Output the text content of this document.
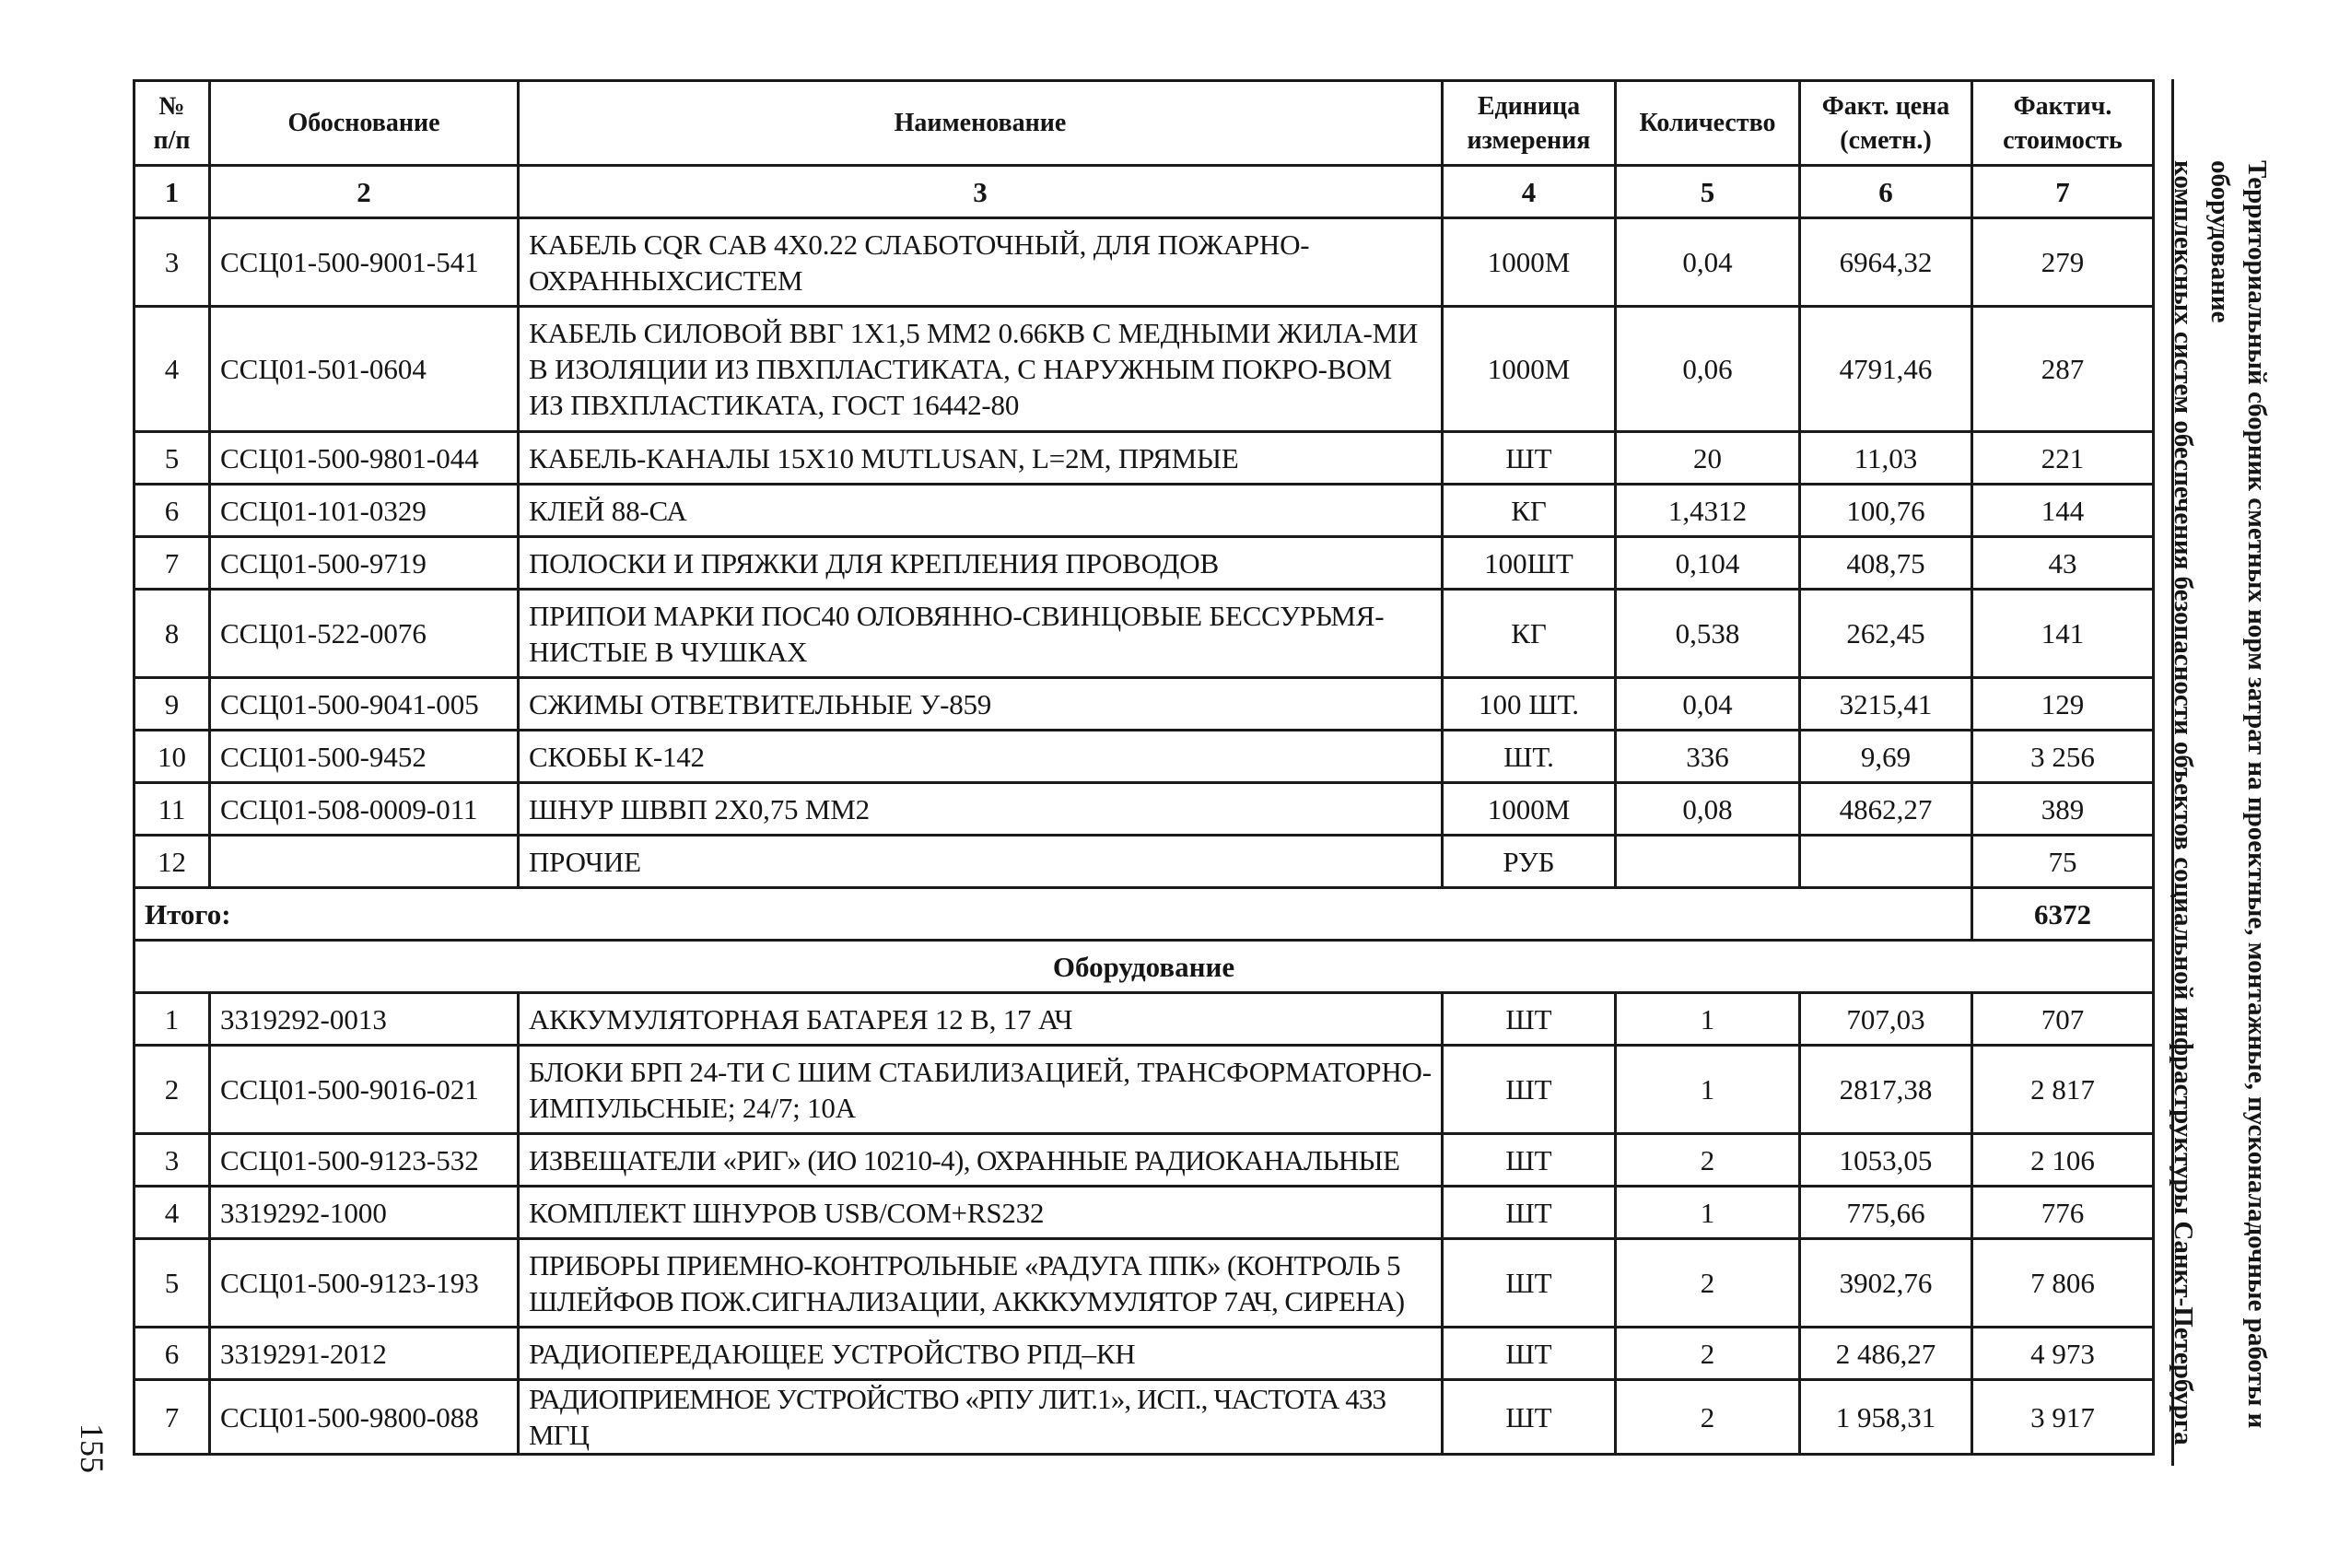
№ п/п	Обоснование	Наименование	Единица измерения	Количество	Факт. цена (сметн.)	Фактич. стоимость
1	2	3	4	5	6	7
3	ССЦ01-500-9001-541	КАБЕЛЬ CQR CAB 4X0.22 СЛАБОТОЧНЫЙ, ДЛЯ ПОЖАРНО-ОХРАННЫХСИСТЕМ	1000М	0,04	6964,32	279
4	ССЦ01-501-0604	КАБЕЛЬ СИЛОВОЙ ВВГ 1Х1,5 ММ2 0.66КВ С МЕДНЫМИ ЖИЛА-МИ В ИЗОЛЯЦИИ ИЗ ПВХПЛАСТИКАТА, С НАРУЖНЫМ ПОКРО-ВОМ ИЗ ПВХПЛАСТИКАТА, ГОСТ 16442-80	1000М	0,06	4791,46	287
5	ССЦ01-500-9801-044	КАБЕЛЬ-КАНАЛЫ 15Х10 MUTLUSAN, L=2M, ПРЯМЫЕ	ШТ	20	11,03	221
6	ССЦ01-101-0329	КЛЕЙ 88-СА	КГ	1,4312	100,76	144
7	ССЦ01-500-9719	ПОЛОСКИ И ПРЯЖКИ ДЛЯ КРЕПЛЕНИЯ ПРОВОДОВ	100ШТ	0,104	408,75	43
8	ССЦ01-522-0076	ПРИПОИ МАРКИ ПОС40 ОЛОВЯННО-СВИНЦОВЫЕ БЕССУРЬМЯ-НИСТЫЕ В ЧУШКАХ	КГ	0,538	262,45	141
9	ССЦ01-500-9041-005	СЖИМЫ ОТВЕТВИТЕЛЬНЫЕ У-859	100 ШТ.	0,04	3215,41	129
10	ССЦ01-500-9452	СКОБЫ К-142	ШТ.	336	9,69	3 256
11	ССЦ01-508-0009-011	ШНУР ШВВП 2Х0,75 ММ2	1000М	0,08	4862,27	389
12		ПРОЧИЕ	РУБ			75
Итого:						6372
Оборудование						
1	3319292-0013	АККУМУЛЯТОРНАЯ БАТАРЕЯ 12 В, 17 АЧ	ШТ	1	707,03	707
2	ССЦ01-500-9016-021	БЛОКИ БРП 24-ТИ С ШИМ СТАБИЛИЗАЦИЕЙ, ТРАНСФОРМАТОРНО-ИМПУЛЬСНЫЕ; 24/7; 10А	ШТ	1	2817,38	2 817
3	ССЦ01-500-9123-532	ИЗВЕЩАТЕЛИ «РИГ» (ИО 10210-4), ОХРАННЫЕ РАДИОКАНАЛЬНЫЕ	ШТ	2	1053,05	2 106
4	3319292-1000	КОМПЛЕКТ ШНУРОВ USB/COM+RS232	ШТ	1	775,66	776
5	ССЦ01-500-9123-193	ПРИБОРЫ ПРИЕМНО-КОНТРОЛЬНЫЕ «РАДУГА ППК» (КОНТРОЛЬ 5 ШЛЕЙФОВ ПОЖ.СИГНАЛИЗАЦИИ, АКККУМУЛЯТОР 7АЧ, СИРЕНА)	ШТ	2	3902,76	7 806
6	3319291-2012	РАДИОПЕРЕДАЮЩЕЕ УСТРОЙСТВО РПД–КН	ШТ	2	2 486,27	4 973
7	ССЦ01-500-9800-088	РАДИОПРИЕМНОЕ УСТРОЙСТВО «РПУ ЛИТ.1», ИСП., ЧАСТОТА 433 МГЦ	ШТ	2	1 958,31	3 917	Территориальный сборник сметных норм затрат на проектные, монтажные, пусконаладочные работы и оборудование
комплексных систем обеспечения безопасности объектов социальной инфраструктуры Санкт-Петербурга
155
